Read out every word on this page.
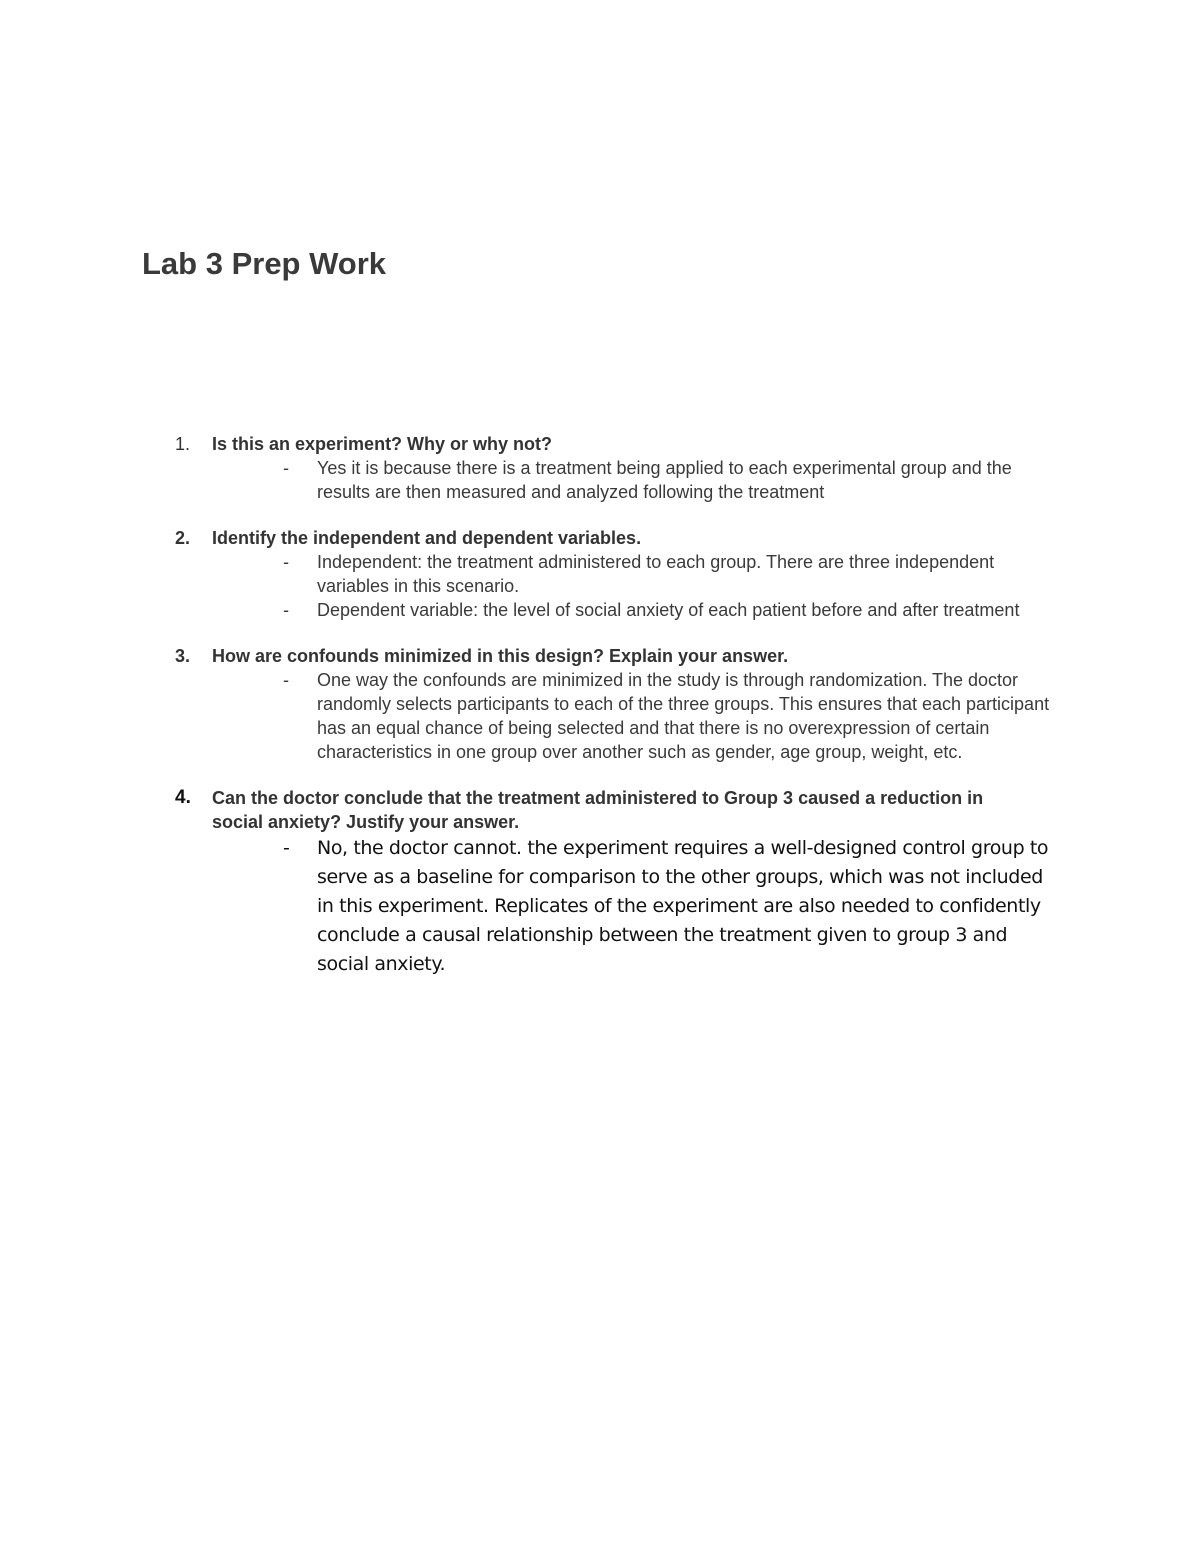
Lab 3 Prep Work
1. Is this an experiment? Why or why not?
- Yes it is because there is a treatment being applied to each experimental group and the results are then measured and analyzed following the treatment
2. Identify the independent and dependent variables.
- Independent: the treatment administered to each group. There are three independent variables in this scenario.
- Dependent variable: the level of social anxiety of each patient before and after treatment
3. How are confounds minimized in this design? Explain your answer.
- One way the confounds are minimized in the study is through randomization. The doctor randomly selects participants to each of the three groups. This ensures that each participant has an equal chance of being selected and that there is no overexpression of certain characteristics in one group over another such as gender, age group, weight, etc.
4. Can the doctor conclude that the treatment administered to Group 3 caused a reduction in social anxiety? Justify your answer.
- No, the doctor cannot. the experiment requires a well-designed control group to serve as a baseline for comparison to the other groups, which was not included in this experiment. Replicates of the experiment are also needed to confidently conclude a causal relationship between the treatment given to group 3 and social anxiety.
